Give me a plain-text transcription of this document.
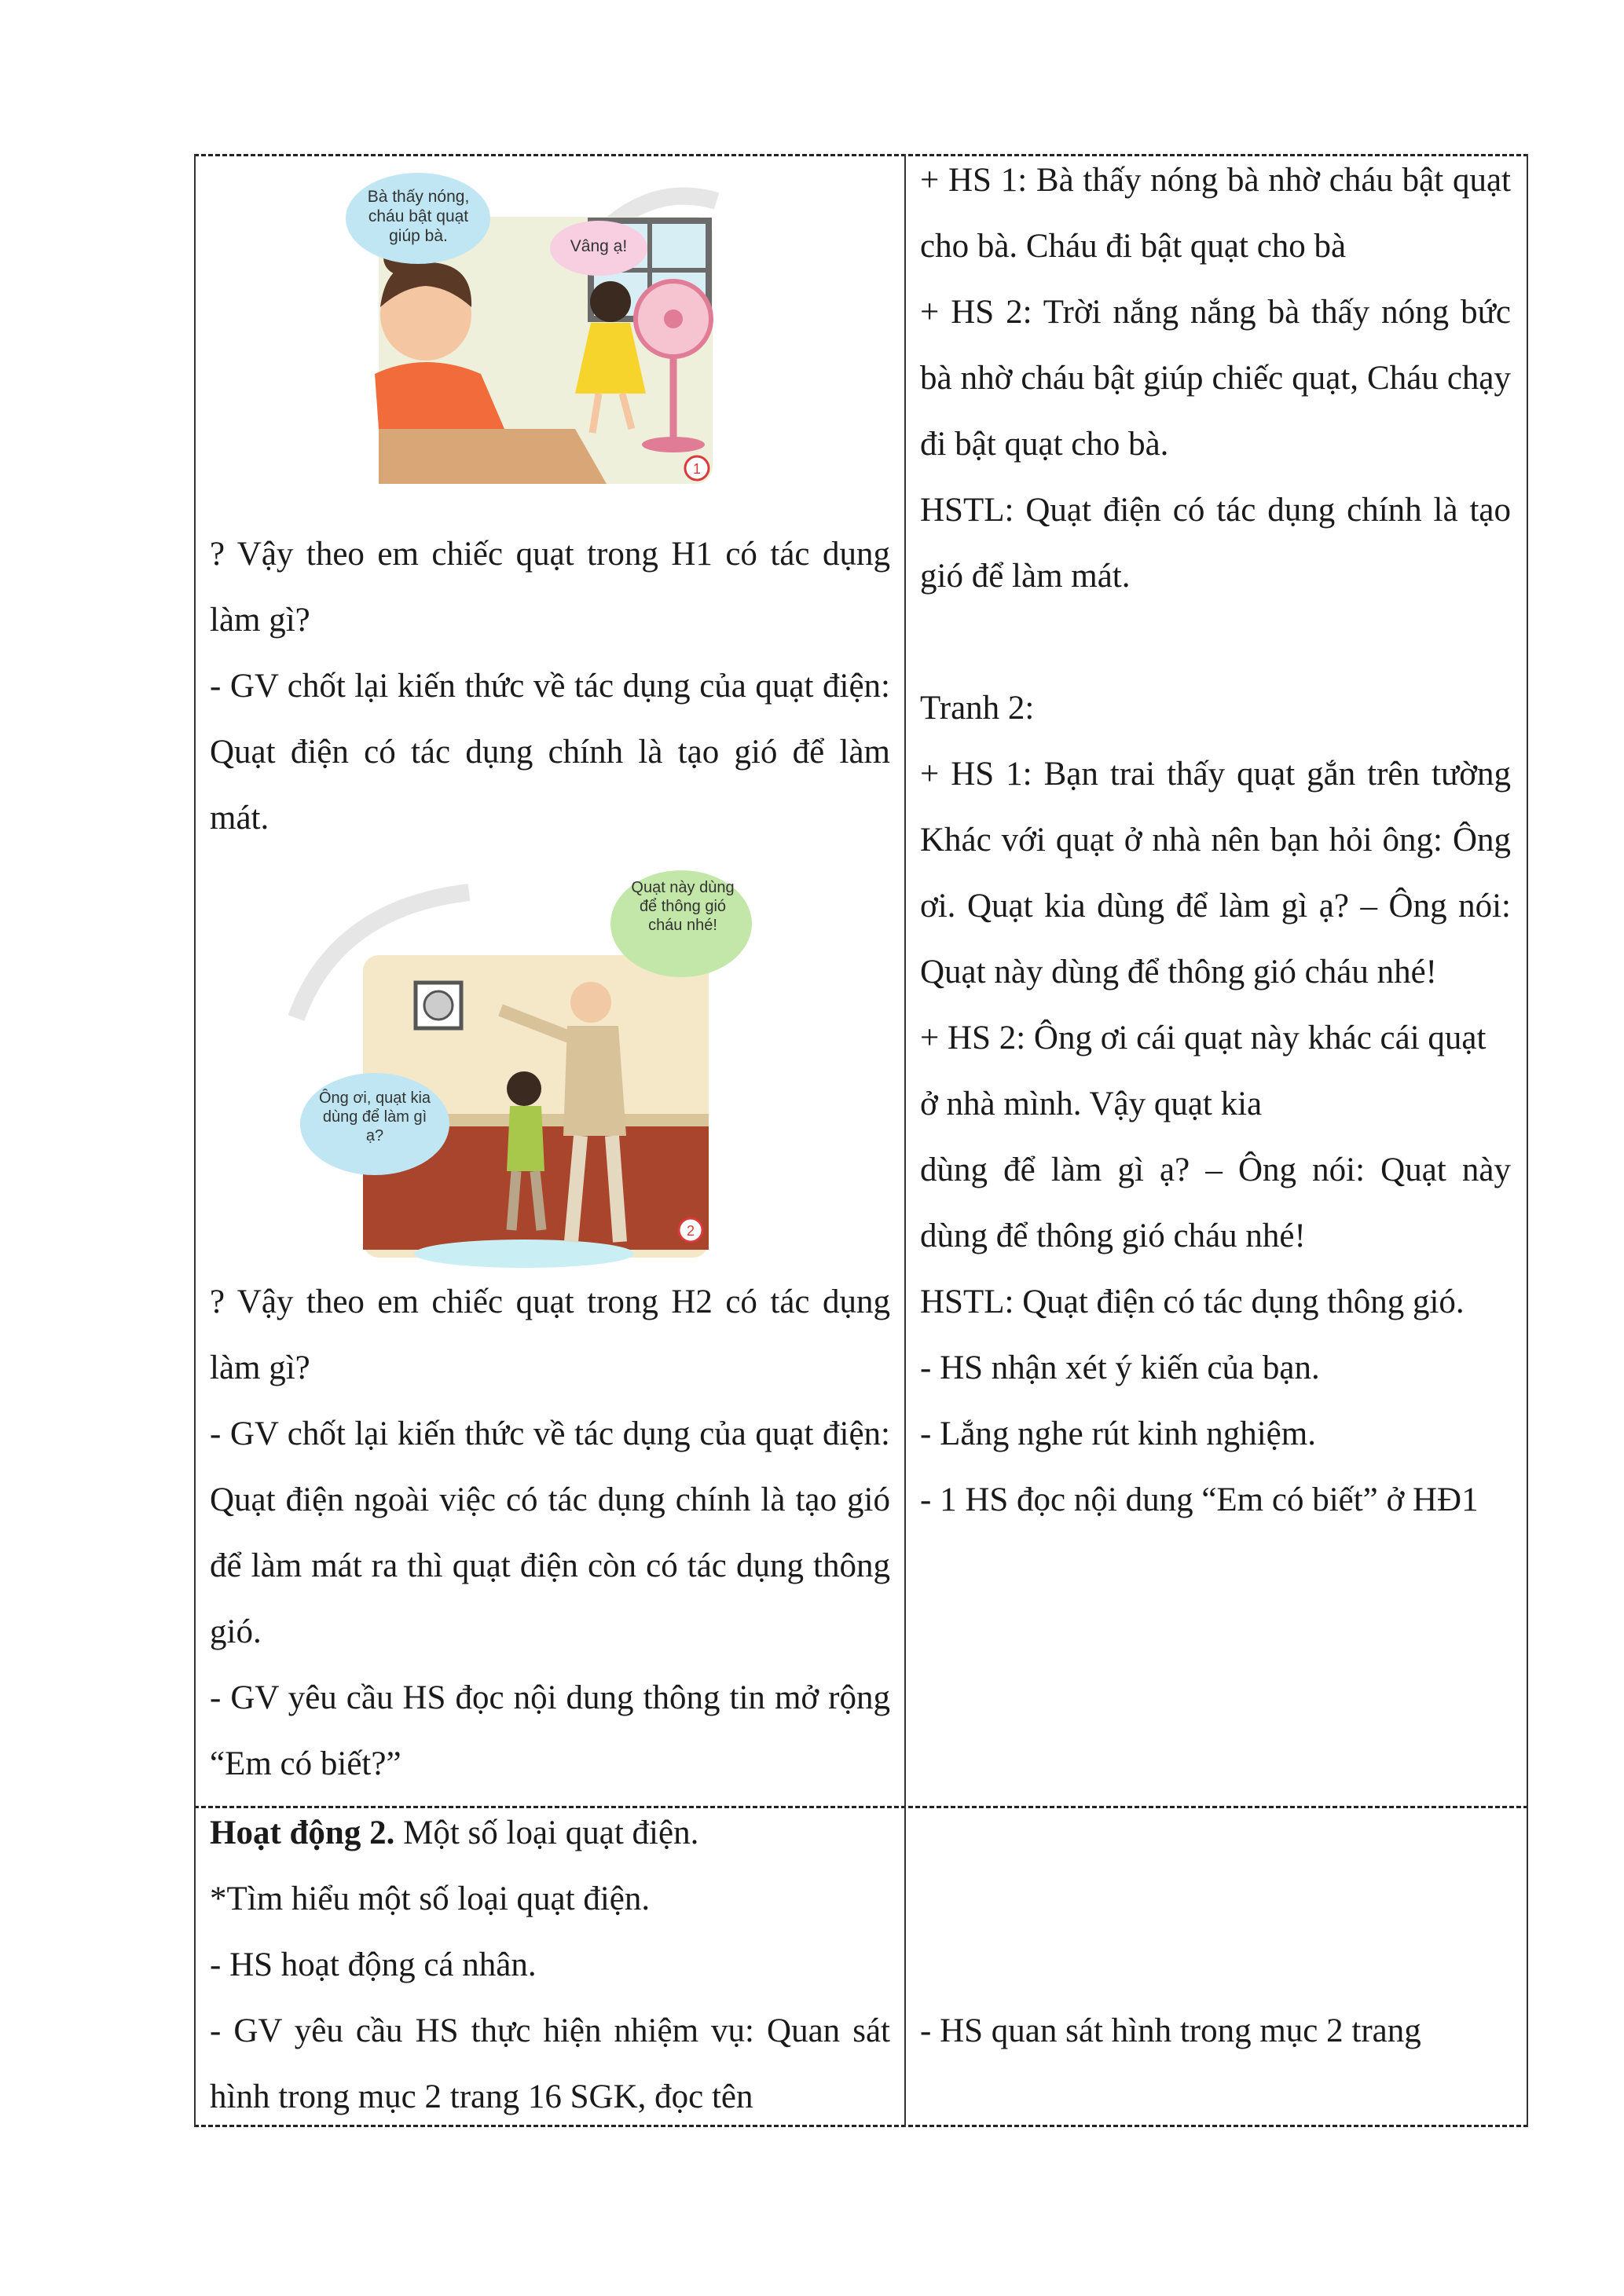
1
Bà thấy nóng, cháu bật quạt giúp bà.
Vâng ạ!
2
Quạt này dùng để thông gió cháu nhé!
Ông ơi, quạt kia dùng để làm gì ạ?

? Vậy theo em chiếc quạt trong H1 có tác dụng làm gì?

- GV chốt lại kiến thức về tác dụng của quạt điện: Quạt điện có tác dụng chính là tạo gió để làm mát.

? Vậy theo em chiếc quạt trong H2 có tác dụng làm gì?

- GV chốt lại kiến thức về tác dụng của quạt điện: Quạt điện ngoài việc có tác dụng chính là tạo gió để làm mát ra thì quạt điện còn có tác dụng thông gió.

- GV yêu cầu HS đọc nội dung thông tin mở rộng “Em có biết?”

+ HS 1: Bà thấy nóng bà nhờ cháu bật quạt cho bà. Cháu đi bật quạt cho bà

+ HS 2: Trời nắng nắng bà thấy nóng bức bà nhờ cháu bật giúp chiếc quạt, Cháu chạy đi bật quạt cho bà.

HSTL: Quạt điện có tác dụng chính là tạo gió để làm mát.

Tranh 2:

+ HS 1: Bạn trai thấy quạt gắn trên tường Khác với quạt ở nhà nên bạn hỏi ông: Ông ơi. Quạt kia dùng để làm gì ạ? – Ông nói: Quạt này dùng để thông gió cháu nhé!

+ HS 2: Ông ơi cái quạt này khác cái quạt ở nhà mình. Vậy quạt kia

dùng để làm gì ạ? – Ông nói: Quạt này dùng để thông gió cháu nhé!

HSTL: Quạt điện có tác dụng thông gió.

- HS nhận xét ý kiến của bạn.

- Lắng nghe rút kinh nghiệm.

- 1 HS đọc nội dung “Em có biết” ở HĐ1

Hoạt động 2. Một số loại quạt điện.

*Tìm hiểu một số loại quạt điện.

- HS hoạt động cá nhân.

- GV yêu cầu HS thực hiện nhiệm vụ: Quan sát hình trong mục 2 trang 16 SGK, đọc tên

- HS quan sát hình trong mục 2 trang
